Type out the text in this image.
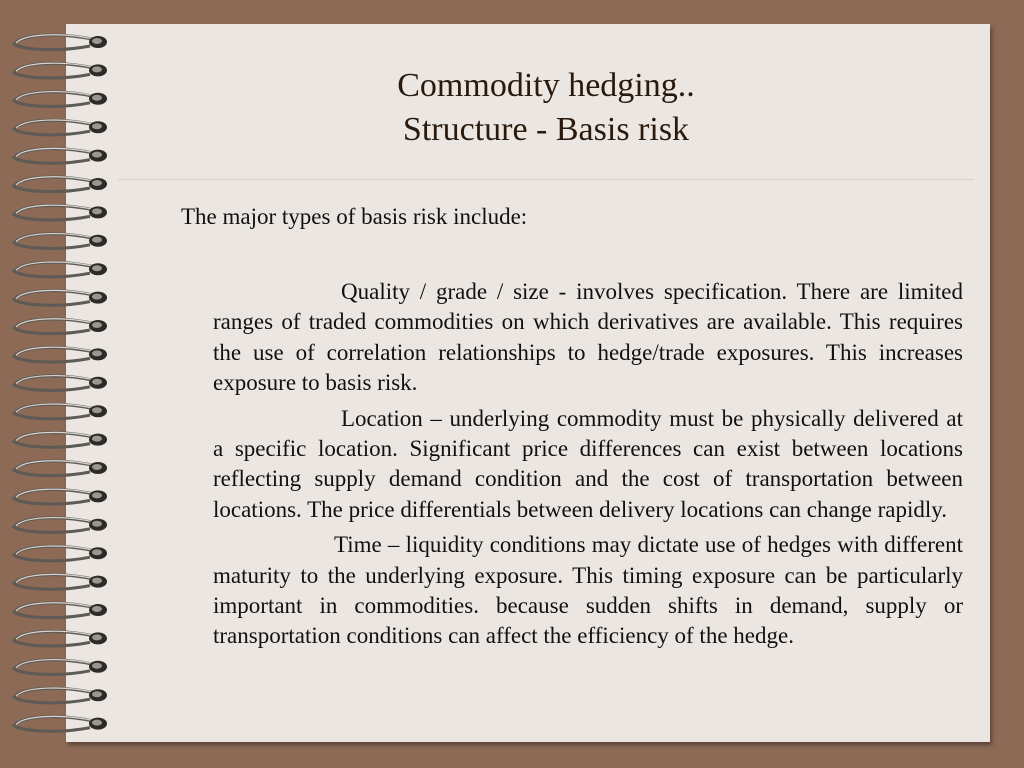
Commodity hedging..
Structure - Basis risk

The major types of basis risk include:

Quality / grade / size - involves specification. There are limited ranges of traded commodities on which derivatives are available. This requires the use of correlation relationships to hedge/trade exposures. This increases exposure to basis risk.
Location – underlying commodity must be physically delivered at a specific location. Significant price differences can exist between locations reflecting supply demand condition and the cost of transportation between locations. The price differentials between delivery locations can change rapidly.
Time – liquidity conditions may dictate use of hedges with different maturity to the underlying exposure. This timing exposure can be particularly important in commodities. because sudden shifts in demand, supply or transportation conditions can affect the efficiency of the hedge.
